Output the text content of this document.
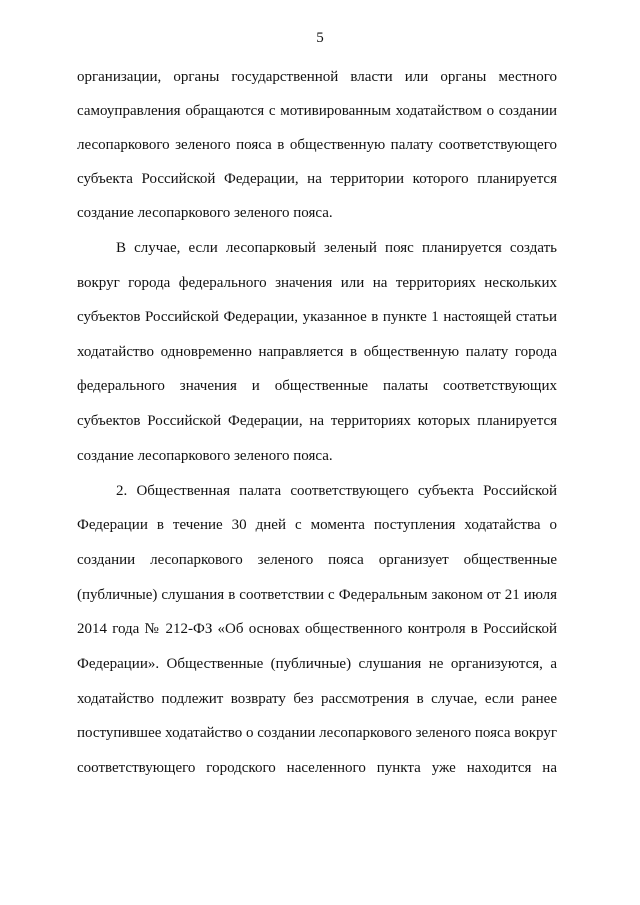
5
организации, органы государственной власти или органы местного
самоуправления обращаются с мотивированным ходатайством о создании
лесопаркового зеленого пояса в общественную палату соответствующего
субъекта Российской Федерации, на территории которого планируется
создание лесопаркового зеленого пояса.
В случае, если лесопарковый зеленый пояс планируется создать
вокруг города федерального значения или на территориях нескольких
субъектов Российской Федерации, указанное в пункте 1 настоящей статьи
ходатайство одновременно направляется в общественную палату города
федерального значения и общественные палаты соответствующих
субъектов Российской Федерации, на территориях которых планируется
создание лесопаркового зеленого пояса.
2. Общественная палата соответствующего субъекта Российской
Федерации в течение 30 дней с момента поступления ходатайства о
создании лесопаркового зеленого пояса организует общественные
(публичные) слушания в соответствии с Федеральным законом от 21 июля
2014 года № 212-ФЗ «Об основах общественного контроля в Российской
Федерации». Общественные (публичные) слушания не организуются, а
ходатайство подлежит возврату без рассмотрения в случае, если ранее
поступившее ходатайство о создании лесопаркового зеленого пояса вокруг
соответствующего городского населенного пункта уже находится на
